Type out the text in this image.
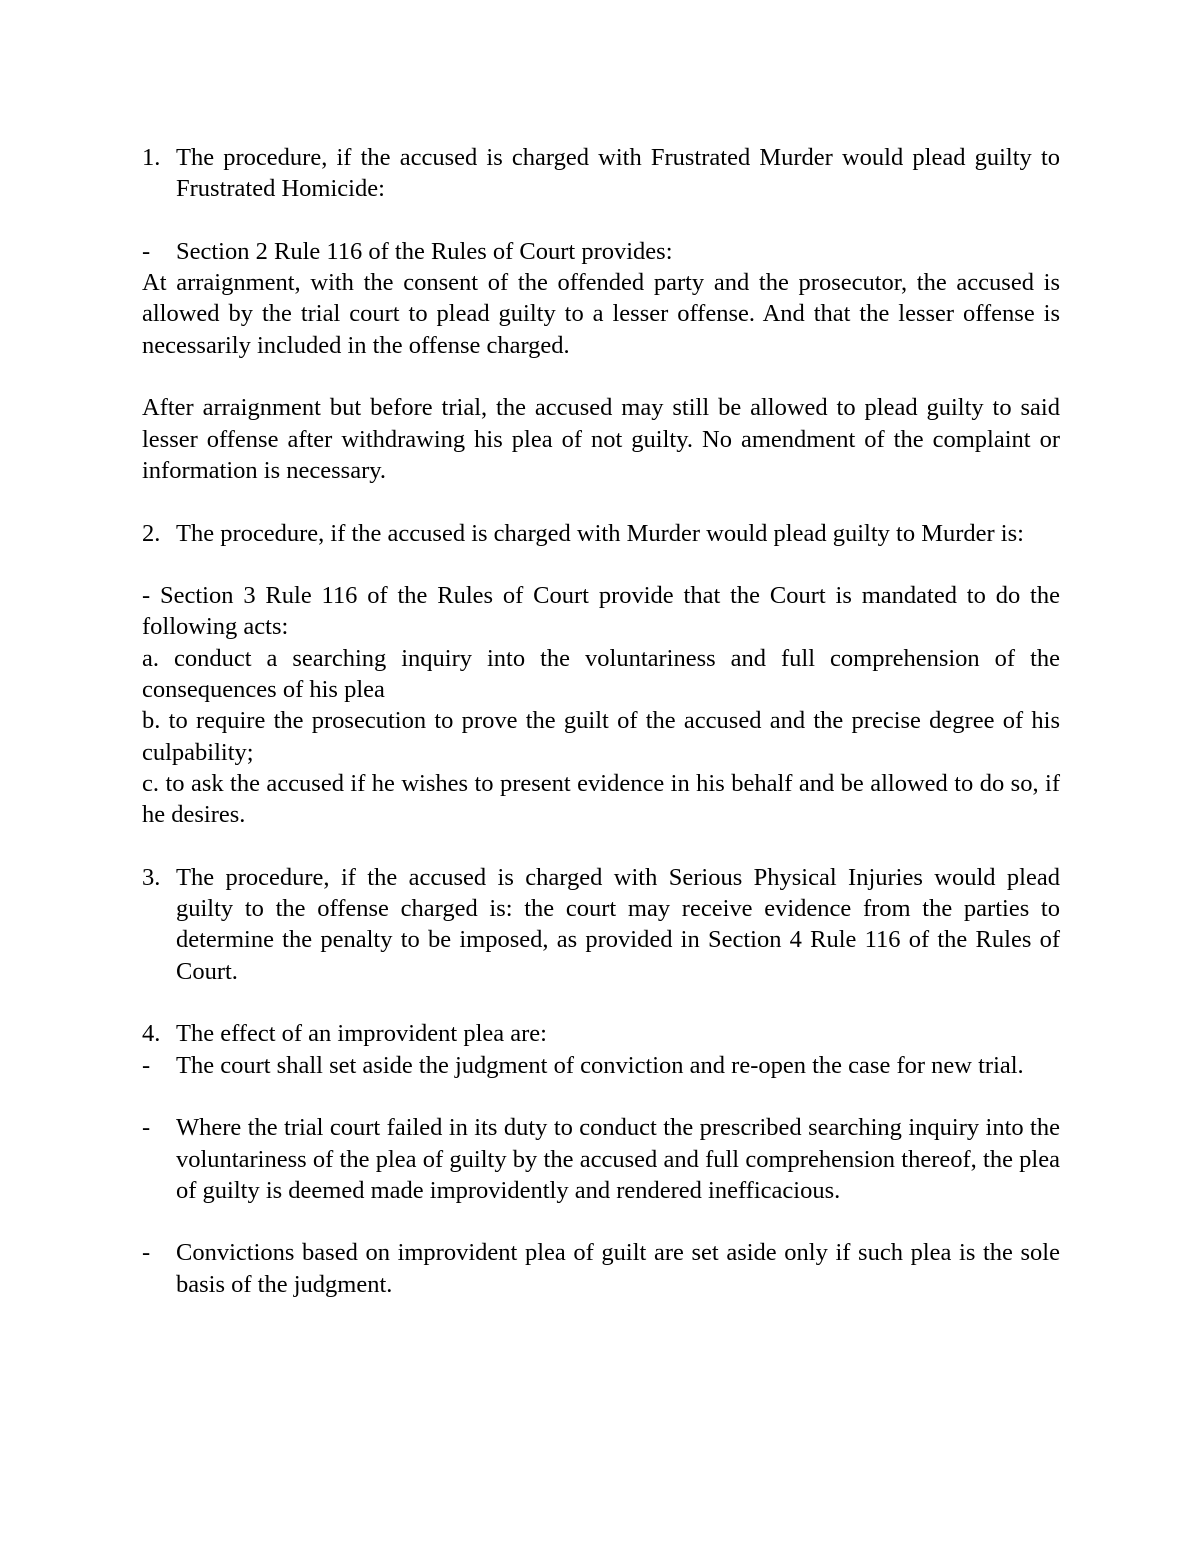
1. The procedure, if the accused is charged with Frustrated Murder would plead guilty to Frustrated Homicide:
- Section 2 Rule 116 of the Rules of Court provides:

At arraignment, with the consent of the offended party and the prosecutor, the accused is allowed by the trial court to plead guilty to a lesser offense. And that the lesser offense is necessarily included in the offense charged.

After arraignment but before trial, the accused may still be allowed to plead guilty to said lesser offense after withdrawing his plea of not guilty. No amendment of the complaint or information is necessary.

2. The procedure, if the accused is charged with Murder would plead guilty to Murder is:

- Section 3 Rule 116 of the Rules of Court provide that the Court is mandated to do the following acts:

a. conduct a searching inquiry into the voluntariness and full comprehension of the consequences of his plea

b. to require the prosecution to prove the guilt of the accused and the precise degree of his culpability;

c. to ask the accused if he wishes to present evidence in his behalf and be allowed to do so, if he desires.

3. The procedure, if the accused is charged with Serious Physical Injuries would plead guilty to the offense charged is: the court may receive evidence from the parties to determine the penalty to be imposed, as provided in Section 4 Rule 116 of the Rules of Court.
4. The effect of an improvident plea are:
- The court shall set aside the judgment of conviction and re-open the case for new trial.
- Where the trial court failed in its duty to conduct the prescribed searching inquiry into the voluntariness of the plea of guilty by the accused and full comprehension thereof, the plea of guilty is deemed made improvidently and rendered inefficacious.
- Convictions based on improvident plea of guilt are set aside only if such plea is the sole basis of the judgment.
